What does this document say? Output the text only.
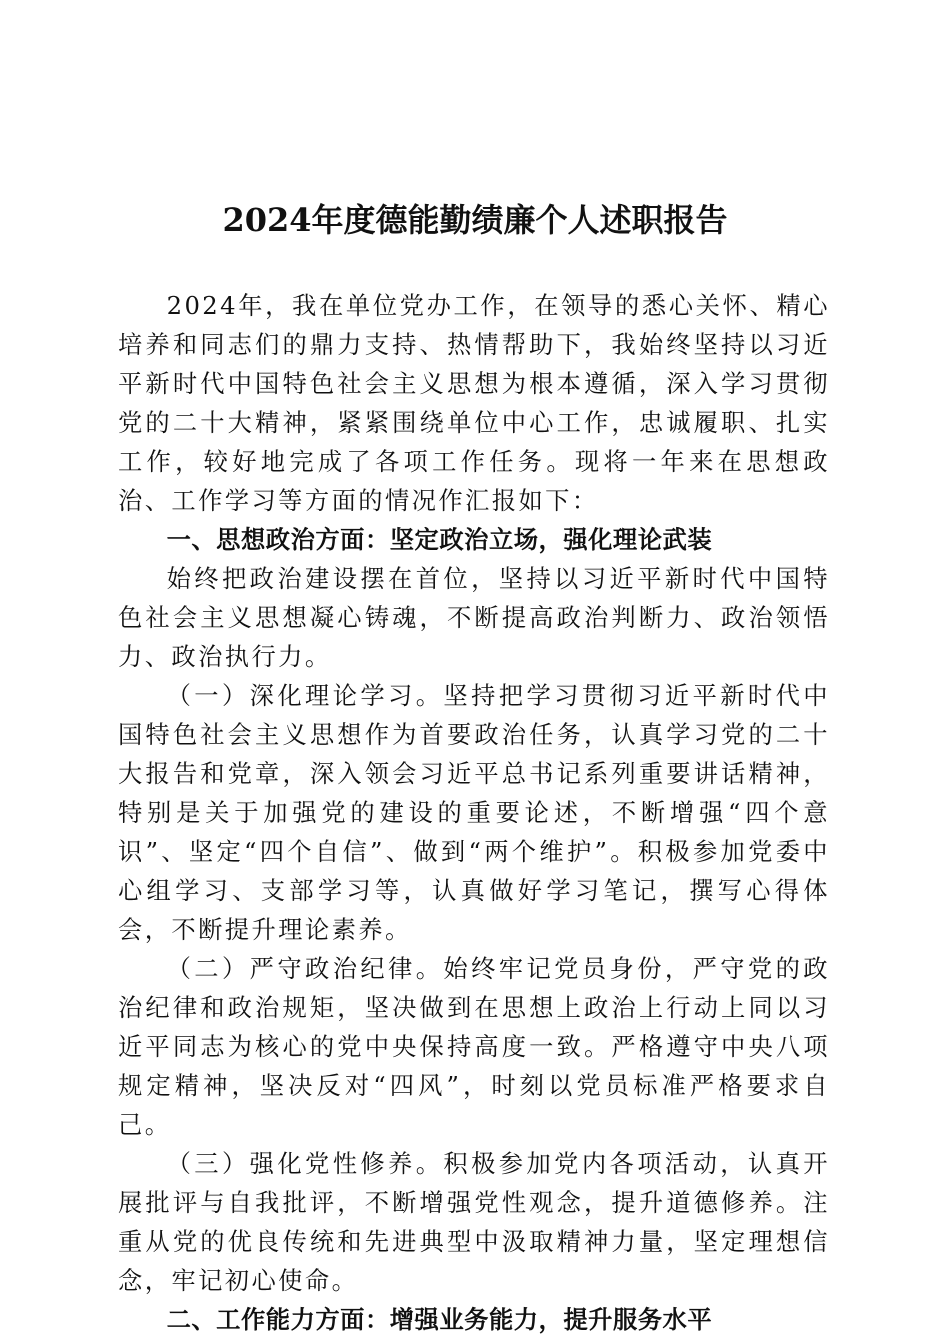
2024年度德能勤绩廉个人述职报告

2024年，我在单位党办工作，在领导的悉心关怀、精心培养和同志们的鼎力支持、热情帮助下，我始终坚持以习近平新时代中国特色社会主义思想为根本遵循，深入学习贯彻党的二十大精神，紧紧围绕单位中心工作，忠诚履职、扎实工作，较好地完成了各项工作任务。现将一年来在思想政治、工作学习等方面的情况作汇报如下：

一、思想政治方面：坚定政治立场，强化理论武装

始终把政治建设摆在首位，坚持以习近平新时代中国特色社会主义思想凝心铸魂，不断提高政治判断力、政治领悟力、政治执行力。

（一）深化理论学习。坚持把学习贯彻习近平新时代中国特色社会主义思想作为首要政治任务，认真学习党的二十大报告和党章，深入领会习近平总书记系列重要讲话精神，特别是关于加强党的建设的重要论述，不断增强“四个意识”、坚定“四个自信”、做到“两个维护”。积极参加党委中心组学习、支部学习等，认真做好学习笔记，撰写心得体会，不断提升理论素养。

（二）严守政治纪律。始终牢记党员身份，严守党的政治纪律和政治规矩，坚决做到在思想上政治上行动上同以习近平同志为核心的党中央保持高度一致。严格遵守中央八项规定精神，坚决反对“四风”，时刻以党员标准严格要求自己。

（三）强化党性修养。积极参加党内各项活动，认真开展批评与自我批评，不断增强党性观念，提升道德修养。注重从党的优良传统和先进典型中汲取精神力量，坚定理想信念，牢记初心使命。

二、工作能力方面：增强业务能力，提升服务水平
